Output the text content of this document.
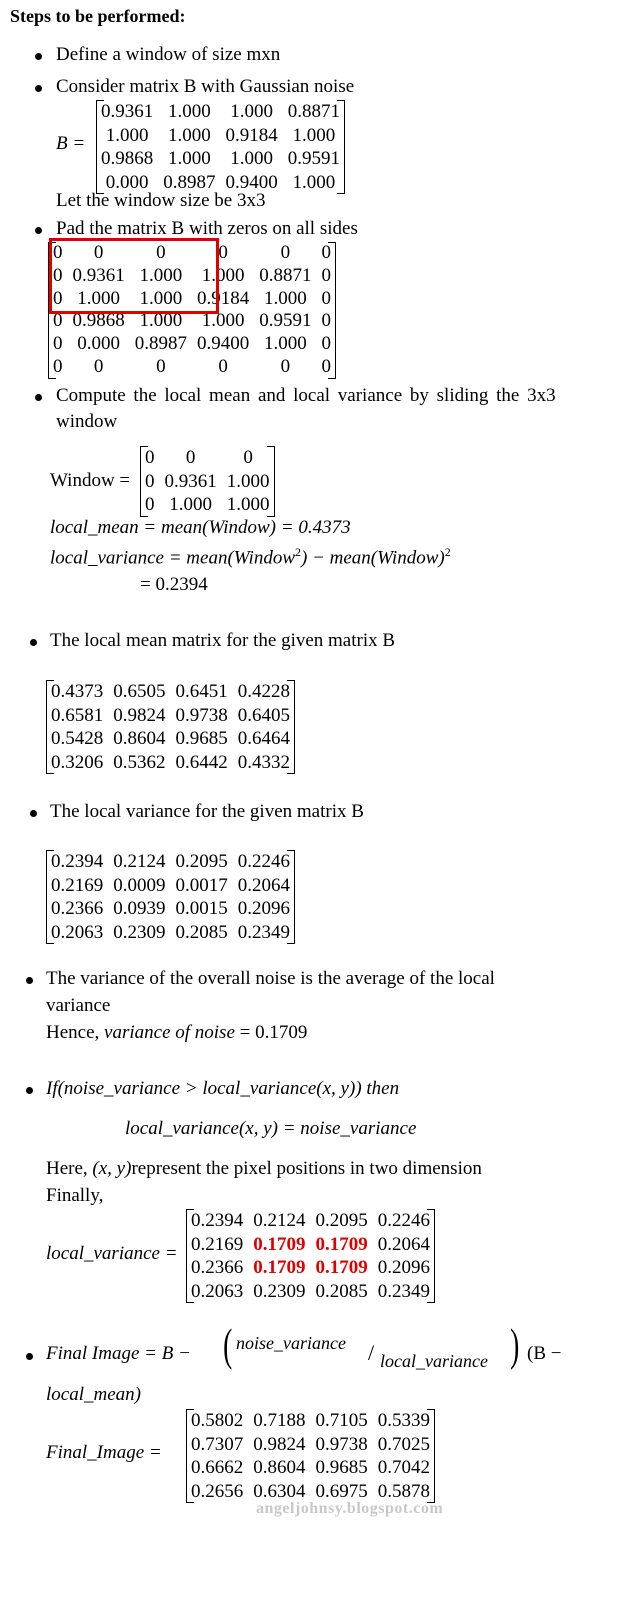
Steps to be performed:
Define a window of size mxn
Consider matrix B with Gaussian noise
B =
0.9361	1.000	1.000	0.8871
1.000	1.000	0.9184	1.000
0.9868	1.000	1.000	0.9591
0.000	0.8987	0.9400	1.000
Let the window size be 3x3
Pad the matrix B with zeros on all sides
0	0	0	0	0	0
0	0.9361	1.000	1.000	0.8871	0
0	1.000	1.000	0.9184	1.000	0
0	0.9868	1.000	1.000	0.9591	0
0	0.000	0.8987	0.9400	1.000	0
0	0	0	0	0	0
Compute the local mean and local variance by sliding the 3x3
window
Window =
0	0	0
0	0.9361	1.000
0	1.000	1.000
local_mean = mean(Window) = 0.4373
local_variance = mean(Window$^2$) − mean(Window)$^2$
= 0.2394
The local mean matrix for the given matrix B
0.4373	0.6505	0.6451	0.4228
0.6581	0.9824	0.9738	0.6405
0.5428	0.8604	0.9685	0.6464
0.3206	0.5362	0.6442	0.4332
The local variance for the given matrix B
0.2394	0.2124	0.2095	0.2246
0.2169	0.0009	0.0017	0.2064
0.2366	0.0939	0.0015	0.2096
0.2063	0.2309	0.2085	0.2349
The variance of the overall noise is the average of the local
variance
Hence, variance of noise = 0.1709
If(noise_variance > local_variance(x, y)) then
local_variance(x, y) = noise_variance
Here, (x, y)represent the pixel positions in two dimension
Finally,
local_variance =
0.2394	0.2124	0.2095	0.2246
0.2169	0.1709	0.1709	0.2064
0.2366	0.1709	0.1709	0.2096
0.2063	0.2309	0.2085	0.2349
Final Image = B − ( noise_variance / local_variance ) (B −
local_mean)
Final_Image =
0.5802	0.7188	0.7105	0.5339
0.7307	0.9824	0.9738	0.7025
0.6662	0.8604	0.9685	0.7042
0.2656	0.6304	0.6975	0.5878
angeljohnsy.blogspot.com
